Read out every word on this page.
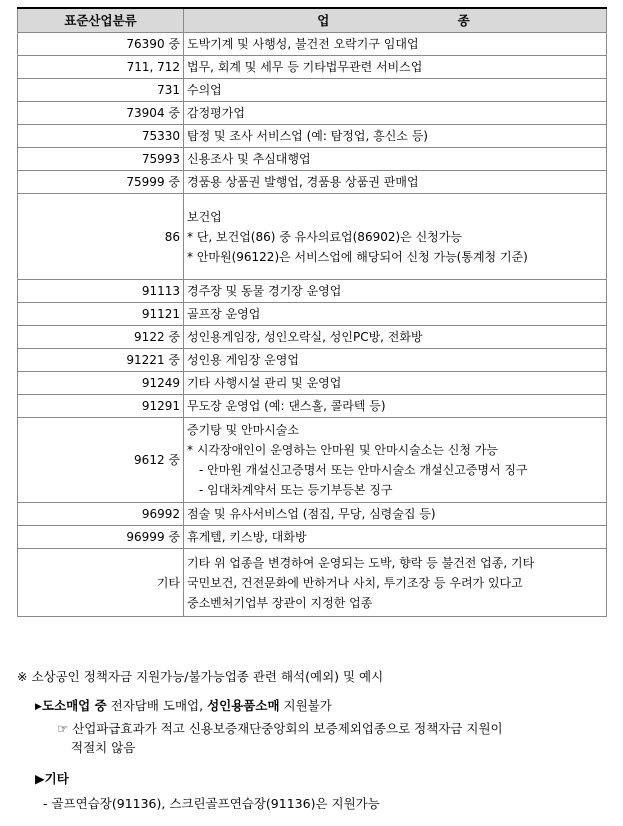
표준산업분류	업 종
76390 중	도박기계 및 사행성, 불건전 오락기구 임대업
711, 712	법무, 회계 및 세무 등 기타법무관련 서비스업
731	수의업
73904 중	감정평가업
75330	탐정 및 조사 서비스업 (예: 탐정업, 흥신소 등)
75993	신용조사 및 추심대행업
75999 중	경품용 상품권 발행업, 경품용 상품권 판매업
86	보건업
* 단, 보건업(86) 중 유사의료업(86902)은 신청가능
* 안마원(96122)은 서비스업에 해당되어 신청 가능(통계청 기준)

91113	경주장 및 동물 경기장 운영업
91121	골프장 운영업
9122 중	성인용게임장, 성인오락실, 성인PC방, 전화방
91221 중	성인용 게임장 운영업
91249	기타 사행시설 관리 및 운영업
91291	무도장 운영업 (예: 댄스홀, 콜라텍 등)
9612 중	증기탕 및 안마시술소
* 시각장애인이 운영하는 안마원 및 안마시술소는 신청 가능
- 안마원 개설신고증명서 또는 안마시술소 개설신고증명서 징구
- 임대차계약서 또는 등기부등본 징구

96992	점술 및 유사서비스업 (점집, 무당, 심령술집 등)
96999 중	휴게텔, 키스방, 대화방
기타	기타 위 업종을 변경하여 운영되는 도박, 향락 등 불건전 업종, 기타
국민보건, 건전문화에 반하거나 사치, 투기조장 등 우려가 있다고
중소벤처기업부 장관이 지정한 업종
※ 소상공인 정책자금 지원가능/불가능업종 관련 해석(예외) 및 예시
▶도소매업 중 전자담배 도매업, 성인용품소매 지원불가
☞ 산업파급효과가 적고 신용보증재단중앙회의 보증제외업종으로 정책자금 지원이
적절치 않음
▶기타
- 골프연습장(91136), 스크린골프연습장(91136)은 지원가능
